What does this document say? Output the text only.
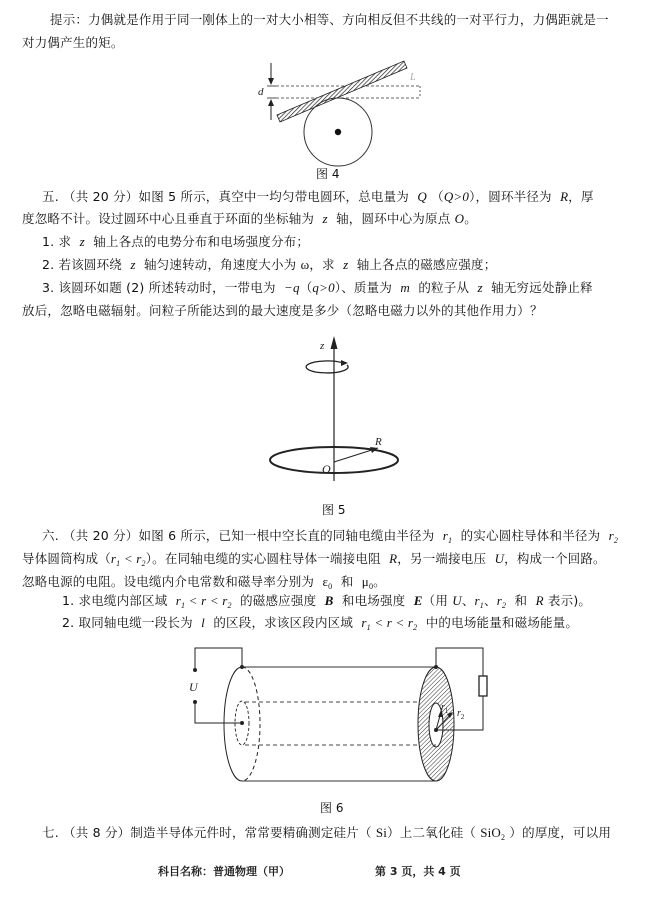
提示：力偶就是作用于同一刚体上的一对大小相等、方向相反但不共线的一对平行力，力偶距就是一
对力偶产生的矩。
d
L
图 4
五. （共 20 分）如图 5 所示，真空中一均匀带电圆环，总电量为 Q （Q>0），圆环半径为 R，厚
度忽略不计。设过圆环中心且垂直于环面的坐标轴为 z 轴，圆环中心为原点 O。
1. 求 z 轴上各点的电势分布和电场强度分布；
2. 若该圆环绕 z 轴匀速转动，角速度大小为 ω，求 z 轴上各点的磁感应强度；
3. 该圆环如题 (2) 所述转动时，一带电为 −q（q>0）、质量为 m 的粒子从 z 轴无穷远处静止释
放后，忽略电磁辐射。问粒子所能达到的最大速度是多少（忽略电磁力以外的其他作用力）？
z
R
O
图 5
六. （共 20 分）如图 6 所示，已知一根中空长直的同轴电缆由半径为 $r_1$ 的实心圆柱导体和半径为 $r_2$
导体圆筒构成$(r_1 < r_2)$。在同轴电缆的实心圆柱导体一端接电阻 R，另一端接电压 U，构成一个回路。
忽略电源的电阻。设电缆内介电常数和磁导率分别为 $\varepsilon_0$ 和 $\mu_0$。
1. 求电缆内部区域 $r_1 < r < r_2$ 的磁感应强度 B 和电场强度 E（用 U、$r_1$、$r_2$ 和 R 表示)。
2. 取同轴电缆一段长为 l 的区段，求该区段内区域 $r_1 < r < r_2$ 中的电场能量和磁场能量。
U
$r_1$ $r_2$
图 6
七. （共 8 分）制造半导体元件时，常常要精确测定硅片（ Si）上二氧化硅（ SiO$_2$ ）的厚度，可以用
科目名称：普通物理（甲）	第 3 页，共 4 页
